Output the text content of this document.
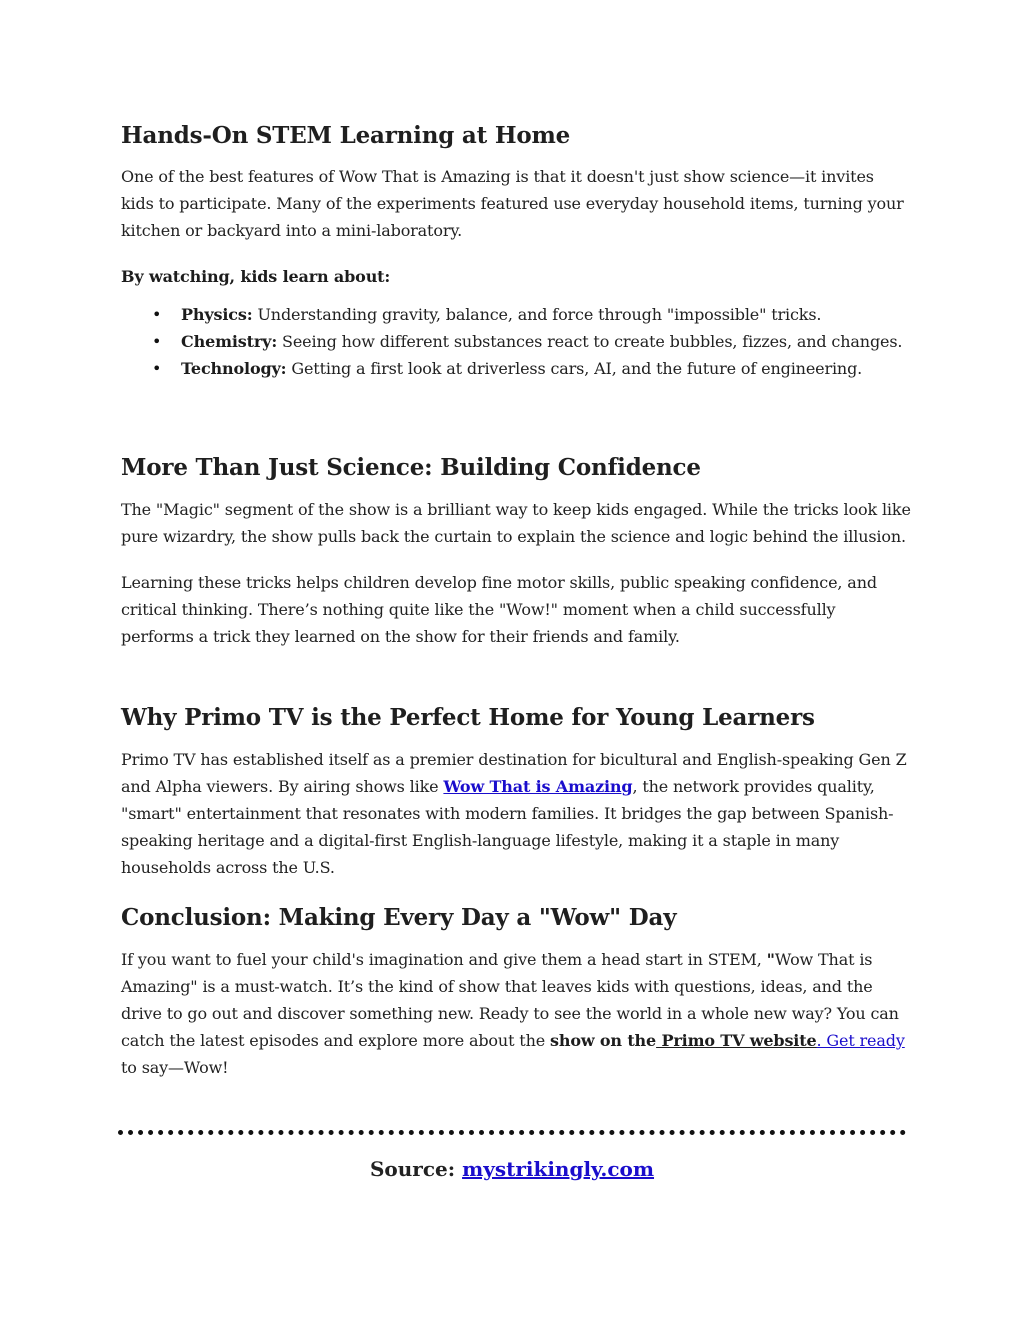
Hands-On STEM Learning at Home

One of the best features of Wow That is Amazing is that it doesn't just show science—it invites kids to participate. Many of the experiments featured use everyday household items, turning your kitchen or backyard into a mini-laboratory.

By watching, kids learn about:

• Physics: Understanding gravity, balance, and force through "impossible" tricks.
• Chemistry: Seeing how different substances react to create bubbles, fizzes, and changes.
• Technology: Getting a first look at driverless cars, AI, and the future of engineering.
More Than Just Science: Building Confidence

The "Magic" segment of the show is a brilliant way to keep kids engaged. While the tricks look like pure wizardry, the show pulls back the curtain to explain the science and logic behind the illusion.

Learning these tricks helps children develop fine motor skills, public speaking confidence, and critical thinking. There’s nothing quite like the "Wow!" moment when a child successfully performs a trick they learned on the show for their friends and family.

Why Primo TV is the Perfect Home for Young Learners

Primo TV has established itself as a premier destination for bicultural and English-speaking Gen Z and Alpha viewers. By airing shows like Wow That is Amazing, the network provides quality, "smart" entertainment that resonates with modern families. It bridges the gap between Spanish-speaking heritage and a digital-first English-language lifestyle, making it a staple in many households across the U.S.

Conclusion: Making Every Day a "Wow" Day

If you want to fuel your child's imagination and give them a head start in STEM, "Wow That is Amazing" is a must-watch. It’s the kind of show that leaves kids with questions, ideas, and the drive to go out and discover something new. Ready to see the world in a whole new way? You can catch the latest episodes and explore more about the show on the Primo TV website. Get ready to say—Wow!

Source: mystrikingly.com
